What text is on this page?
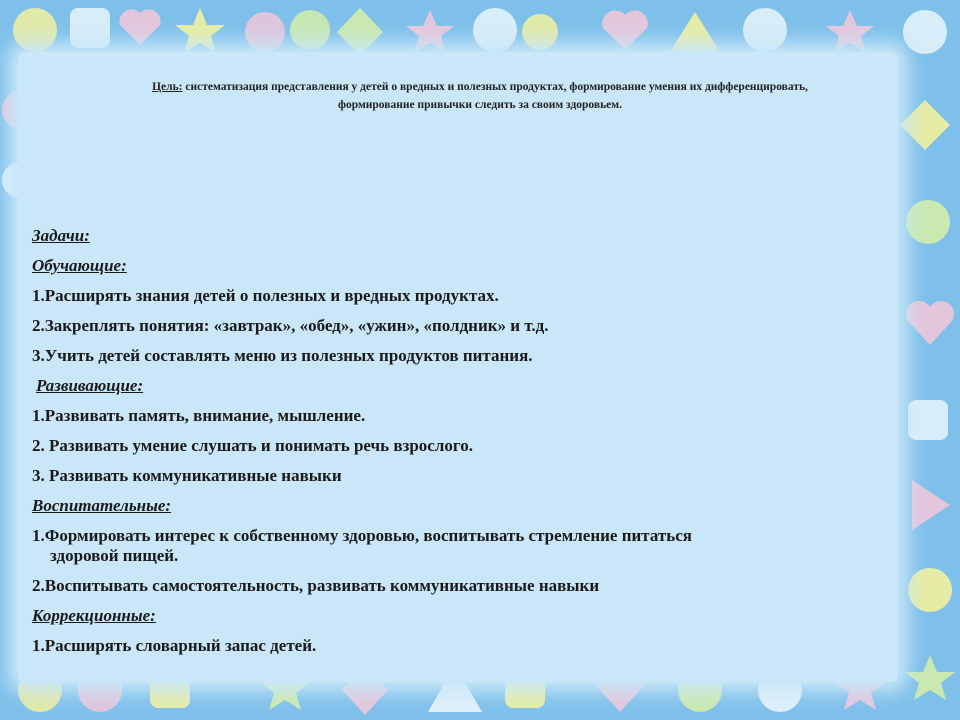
Цель: систематизация представления у детей о вредных и полезных продуктах, формирование умения их дифференцировать,
формирование привычки следить за своим здоровьем.
Задачи:
Обучающие:
1.Расширять знания детей о полезных и вредных продуктах.
2.Закреплять понятия: «завтрак», «обед», «ужин», «полдник» и т.д.
3.Учить детей составлять меню из полезных продуктов питания.
Развивающие:
1.Развивать память, внимание, мышление.
2. Развивать умение слушать и понимать речь взрослого.
3. Развивать коммуникативные навыки
Воспитательные:
1.Формировать интерес к собственному здоровью, воспитывать стремление питаться
здоровой пищей.
2.Воспитывать самостоятельность, развивать коммуникативные навыки
Коррекционные:
1.Расширять словарный запас детей.
